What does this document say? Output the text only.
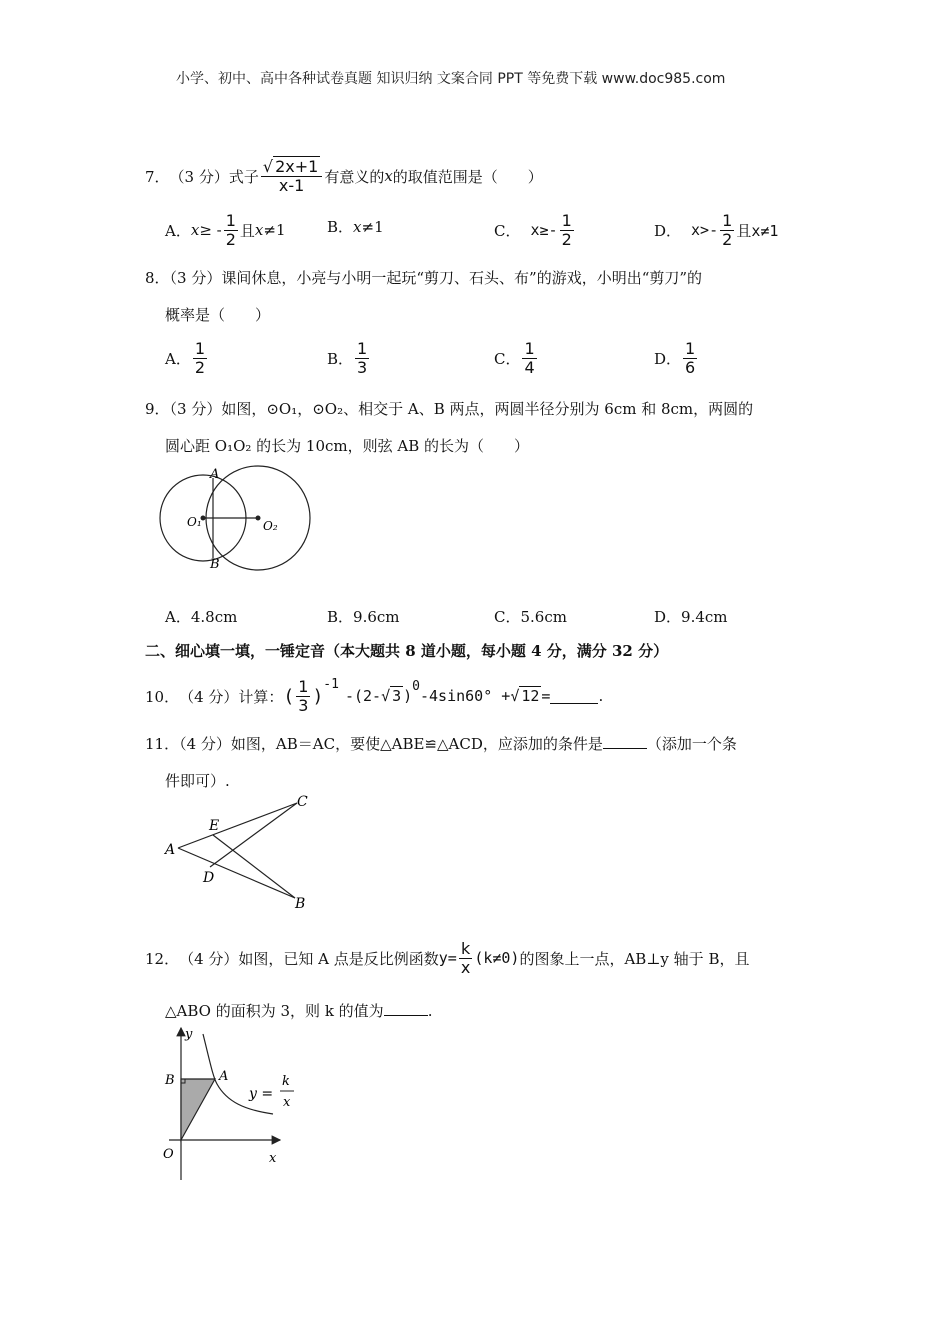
小学、初中、高中各种试卷真题 知识归纳 文案合同 PPT 等免费下载 www.doc985.com
7． （3 分） 式子 $\frac{√ 2x+1}{x-1}$ 有意义的 x 的取值范围是（　　）
A． x ≥ - $\frac{1}{2}$ 且 x ≠1	B．x≠1	C． $x\ge- \frac{1}{2}$	D． $x>- \frac{1}{2}$ 且x≠1
8．（3 分）课间休息，小亮与小明一起玩“剪刀、石头、布”的游戏，小明出“剪刀”的
概率是（　　）
A． $\frac{1}{2}$	B． $\frac{1}{3}$	C． $\frac{1}{4}$	D． $\frac{1}{6}$
9．（3 分）如图，⊙O₁，⊙O₂、相交于 A、B 两点，两圆半径分别为 6cm 和 8cm，两圆的
圆心距 O₁O₂ 的长为 10cm，则弦 AB 的长为（　　）
A
B
O₁	O₂
A．4.8cm	B．9.6cm	C．5.6cm	D．9.4cm
二、细心填一填，一锤定音（本大题共 8 道小题，每小题 4 分，满分 32 分）
10． （4 分） 计算： ( $\frac{1}{3}$ )
$^{-1}$
-(2- √ 3 )
$^0$
-4sin60° + √ 12 =	.
11．（4 分）如图，AB＝AC，要使△ABE≌△ACD，应添加的条件是	（添加一个条
件即可）.
A
B
C
D
E
12． （4 分） 如图，已知 A 点是反比例函数 $y= \frac{k}{x} (k\ne 0)$ 的图象上一点，AB⊥y 轴于 B，且
△ABO 的面积为 3，则 k 的值为	.
y
x
O
A
B
y =
k
x
